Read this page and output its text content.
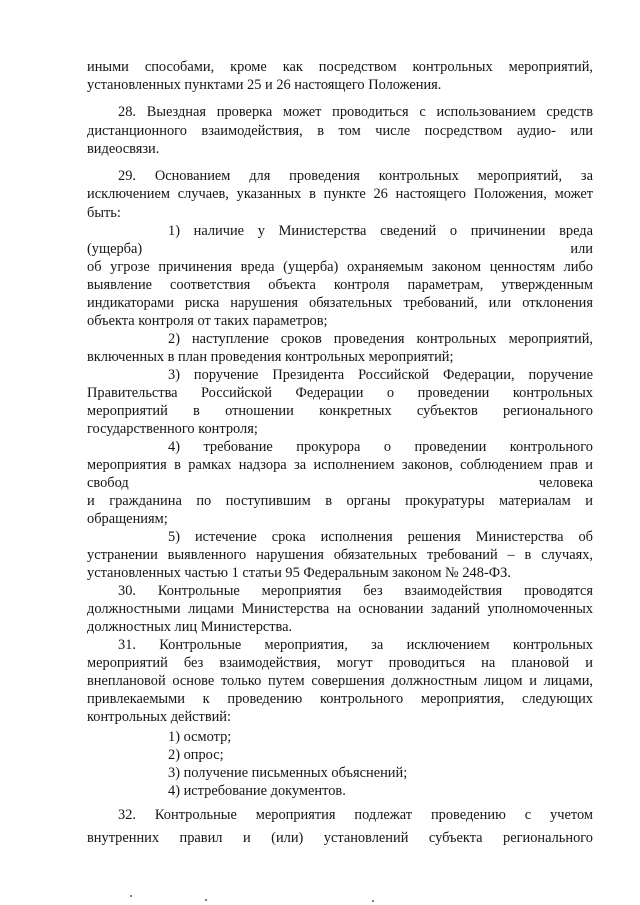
иными способами, кроме как посредством контрольных мероприятий,
установленных пунктами 25 и 26 настоящего Положения.
28. Выездная проверка может проводиться с использованием средств
дистанционного взаимодействия, в том числе посредством аудио- или
видеосвязи.
29. Основанием для проведения контрольных мероприятий, за
исключением случаев, указанных в пункте 26 настоящего Положения, может
быть:
1) наличие у Министерства сведений о причинении вреда
(ущерба) или
об угрозе причинения вреда (ущерба) охраняемым законом ценностям либо
выявление соответствия объекта контроля параметрам, утвержденным
индикаторами риска нарушения обязательных требований, или отклонения
объекта контроля от таких параметров;
2) наступление сроков проведения контрольных мероприятий,
включенных в план проведения контрольных мероприятий;
3) поручение Президента Российской Федерации, поручение
Правительства Российской Федерации о проведении контрольных
мероприятий в отношении конкретных субъектов регионального
государственного контроля;
4) требование прокурора о проведении контрольного
мероприятия в рамках надзора за исполнением законов, соблюдением прав и
свобод человека
и гражданина по поступившим в органы прокуратуры материалам и
обращениям;
5) истечение срока исполнения решения Министерства об
устранении выявленного нарушения обязательных требований – в случаях,
установленных частью 1 статьи 95 Федеральным законом № 248-ФЗ.
30. Контрольные мероприятия без взаимодействия проводятся
должностными лицами Министерства на основании заданий уполномоченных
должностных лиц Министерства.
31. Контрольные мероприятия, за исключением контрольных
мероприятий без взаимодействия, могут проводиться на плановой и
внеплановой основе только путем совершения должностным лицом и лицами,
привлекаемыми к проведению контрольного мероприятия, следующих
контрольных действий:
1) осмотр;
2) опрос;
3) получение письменных объяснений;
4) истребование документов.
32. Контрольные мероприятия подлежат проведению с учетом
внутренних правил и (или) установлений субъекта регионального
